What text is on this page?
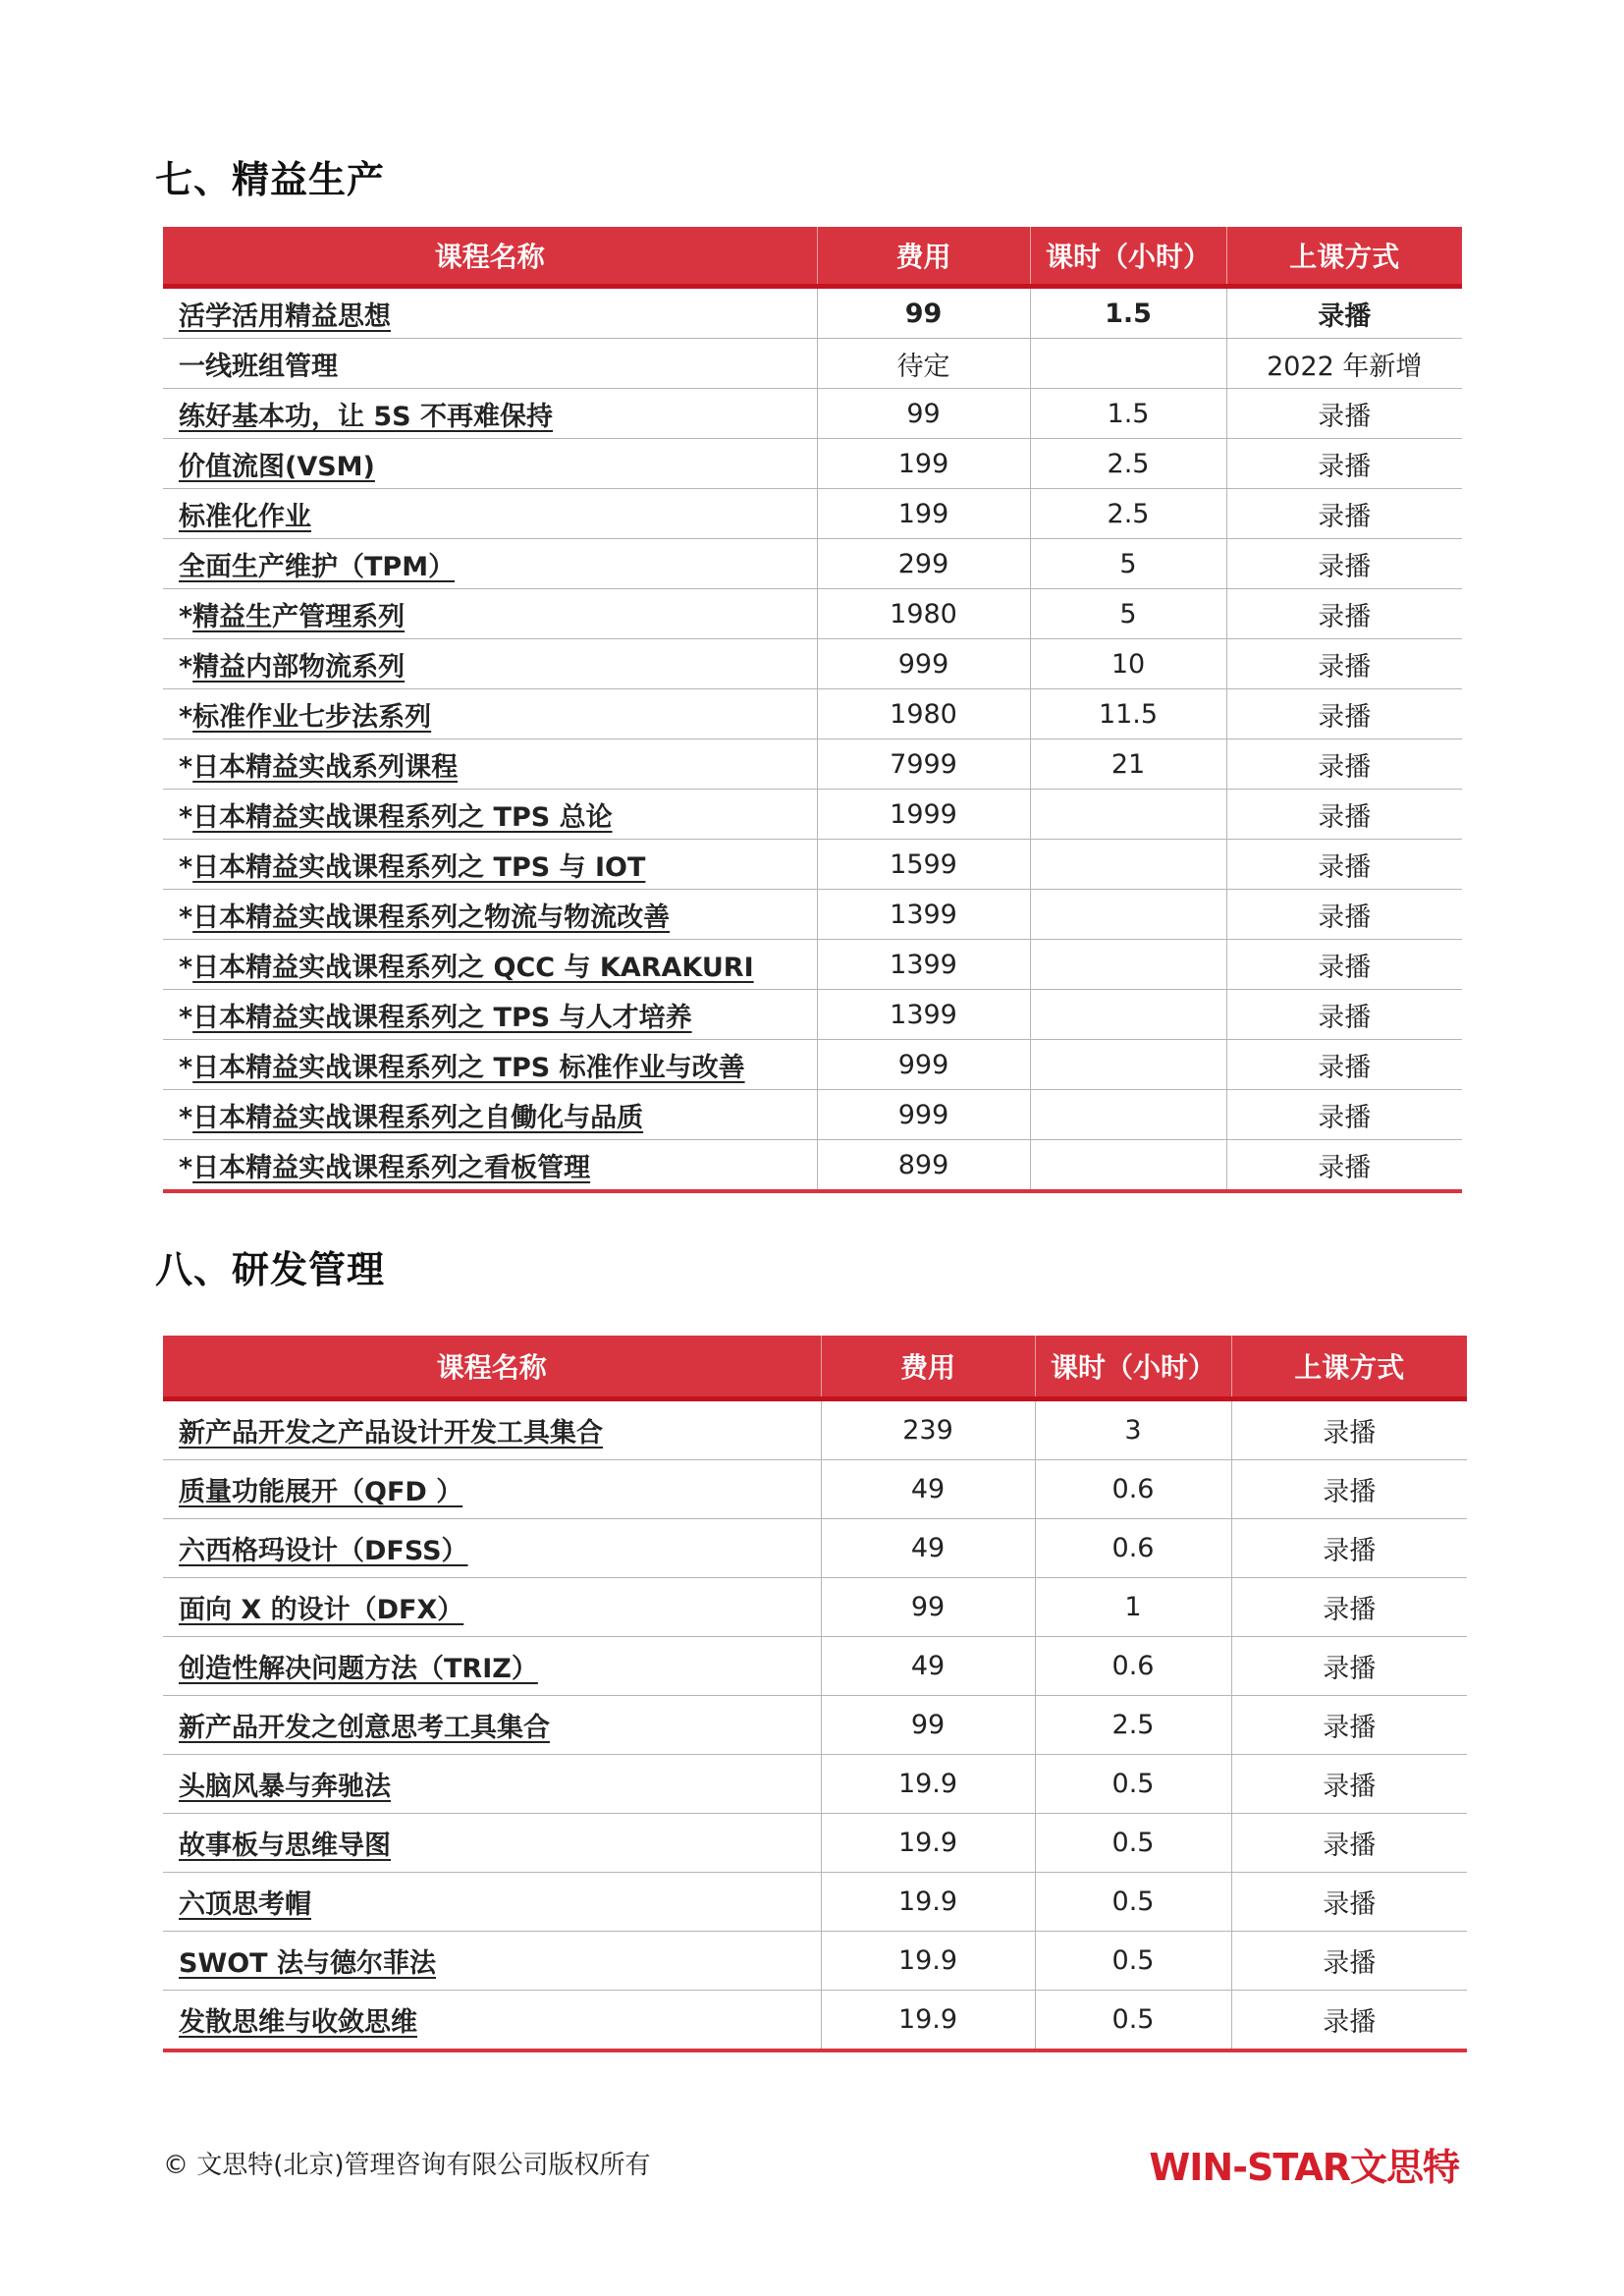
七、精益生产
课程名称	费用	课时（小时）	上课方式
活学活用精益思想	99	1.5	录播
一线班组管理	待定		2022 年新增
练好基本功，让 5S 不再难保持	99	1.5	录播
价值流图(VSM)	199	2.5	录播
标准化作业	199	2.5	录播
全面生产维护（TPM）	299	5	录播
*精益生产管理系列	1980	5	录播
*精益内部物流系列	999	10	录播
*标准作业七步法系列	1980	11.5	录播
*日本精益实战系列课程	7999	21	录播
*日本精益实战课程系列之 TPS 总论	1999		录播
*日本精益实战课程系列之 TPS 与 IOT	1599		录播
*日本精益实战课程系列之物流与物流改善	1399		录播
*日本精益实战课程系列之 QCC 与 KARAKURI	1399		录播
*日本精益实战课程系列之 TPS 与人才培养	1399		录播
*日本精益实战课程系列之 TPS 标准作业与改善	999		录播
*日本精益实战课程系列之自働化与品质	999		录播
*日本精益实战课程系列之看板管理	899		录播
八、研发管理
课程名称	费用	课时（小时）	上课方式
新产品开发之产品设计开发工具集合	239	3	录播
质量功能展开（QFD ）	49	0.6	录播
六西格玛设计（DFSS）	49	0.6	录播
面向 X 的设计（DFX）	99	1	录播
创造性解决问题方法（TRIZ）	49	0.6	录播
新产品开发之创意思考工具集合	99	2.5	录播
头脑风暴与奔驰法	19.9	0.5	录播
故事板与思维导图	19.9	0.5	录播
六顶思考帽	19.9	0.5	录播
SWOT 法与德尔菲法	19.9	0.5	录播
发散思维与收敛思维	19.9	0.5	录播
© 文思特(北京)管理咨询有限公司版权所有	WIN-STAR文思特
